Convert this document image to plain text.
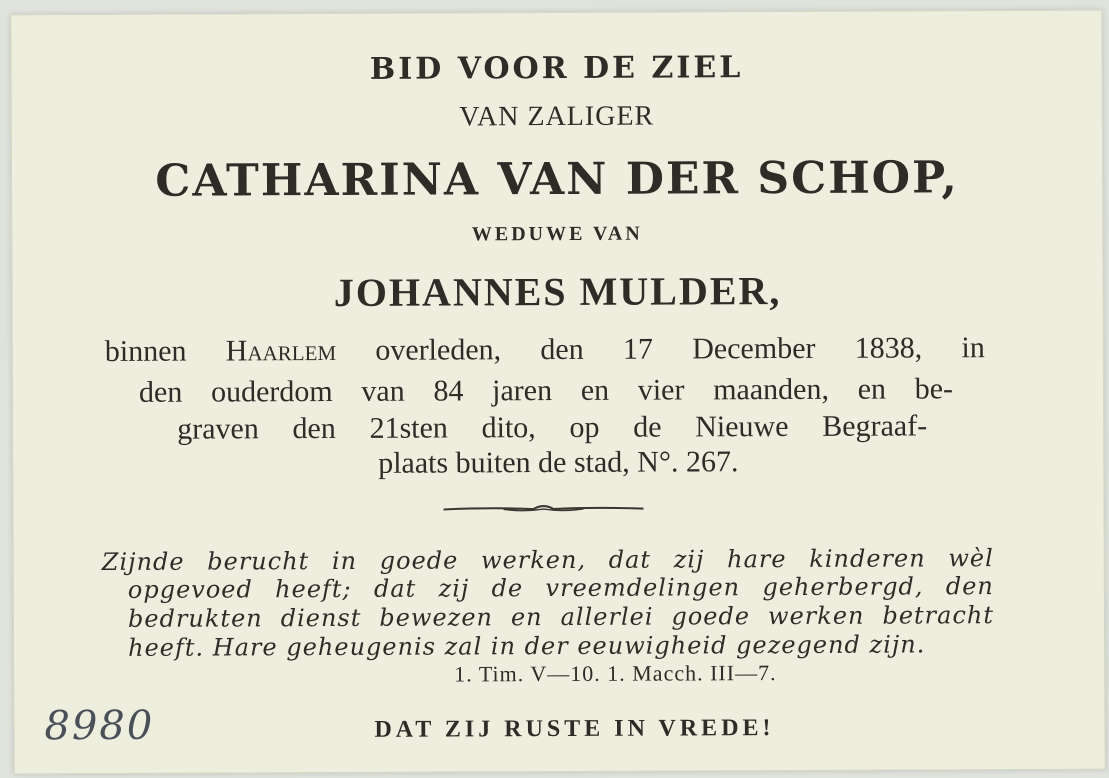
BID VOOR DE ZIEL
VAN ZALIGER
CATHARINA VAN DER SCHOP,
WEDUWE VAN
JOHANNES MULDER,
binnen Haarlem overleden, den 17 December 1838, in
den ouderdom van 84 jaren en vier maanden, en be-
graven den 21sten dito, op de Nieuwe Begraaf-
plaats buiten de stad, N°. 267.
Zijnde berucht in goede werken, dat zij hare kinderen wèl
opgevoed heeft; dat zij de vreemdelingen geherbergd, den
bedrukten dienst bewezen en allerlei goede werken betracht
heeft. Hare geheugenis zal in der eeuwigheid gezegend zijn.
1. Tim. V—10. 1. Macch. III—7.
DAT ZIJ RUSTE IN VREDE!
8980
